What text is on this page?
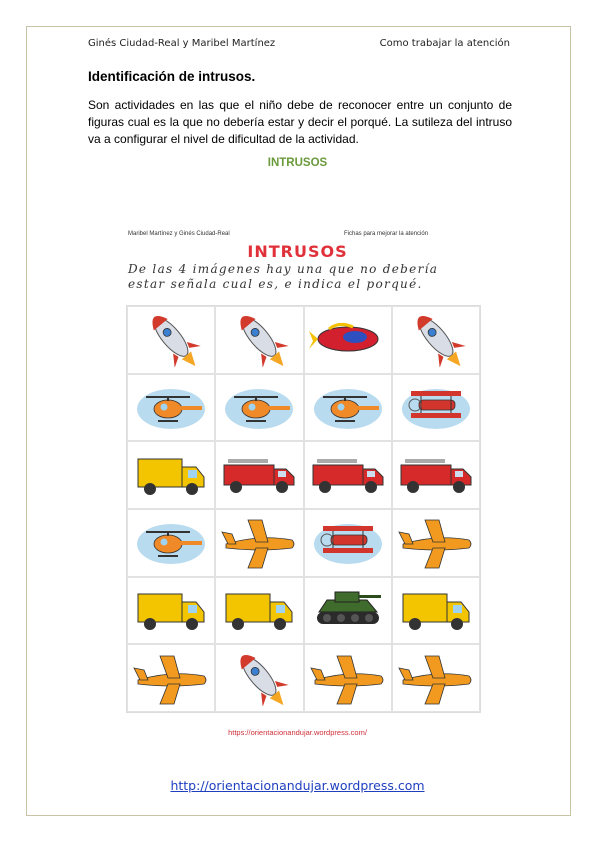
Ginés Ciudad-Real y Maribel Martínez	Como trabajar la atención
Identificación de intrusos.
Son actividades en las que el niño debe de reconocer entre un conjunto de figuras cual es la que no debería estar y decir el porqué. La sutileza del intruso va a configurar el nivel de dificultad de la actividad.
INTRUSOS
Maribel Martínez y Ginés Ciudad-Real	Fichas para mejorar la atención
INTRUSOS
De las 4 imágenes hay una que no debería estar señala cual es, e indica el porqué.
https://orientacionandujar.wordpress.com/
http://orientacionandujar.wordpress.com
